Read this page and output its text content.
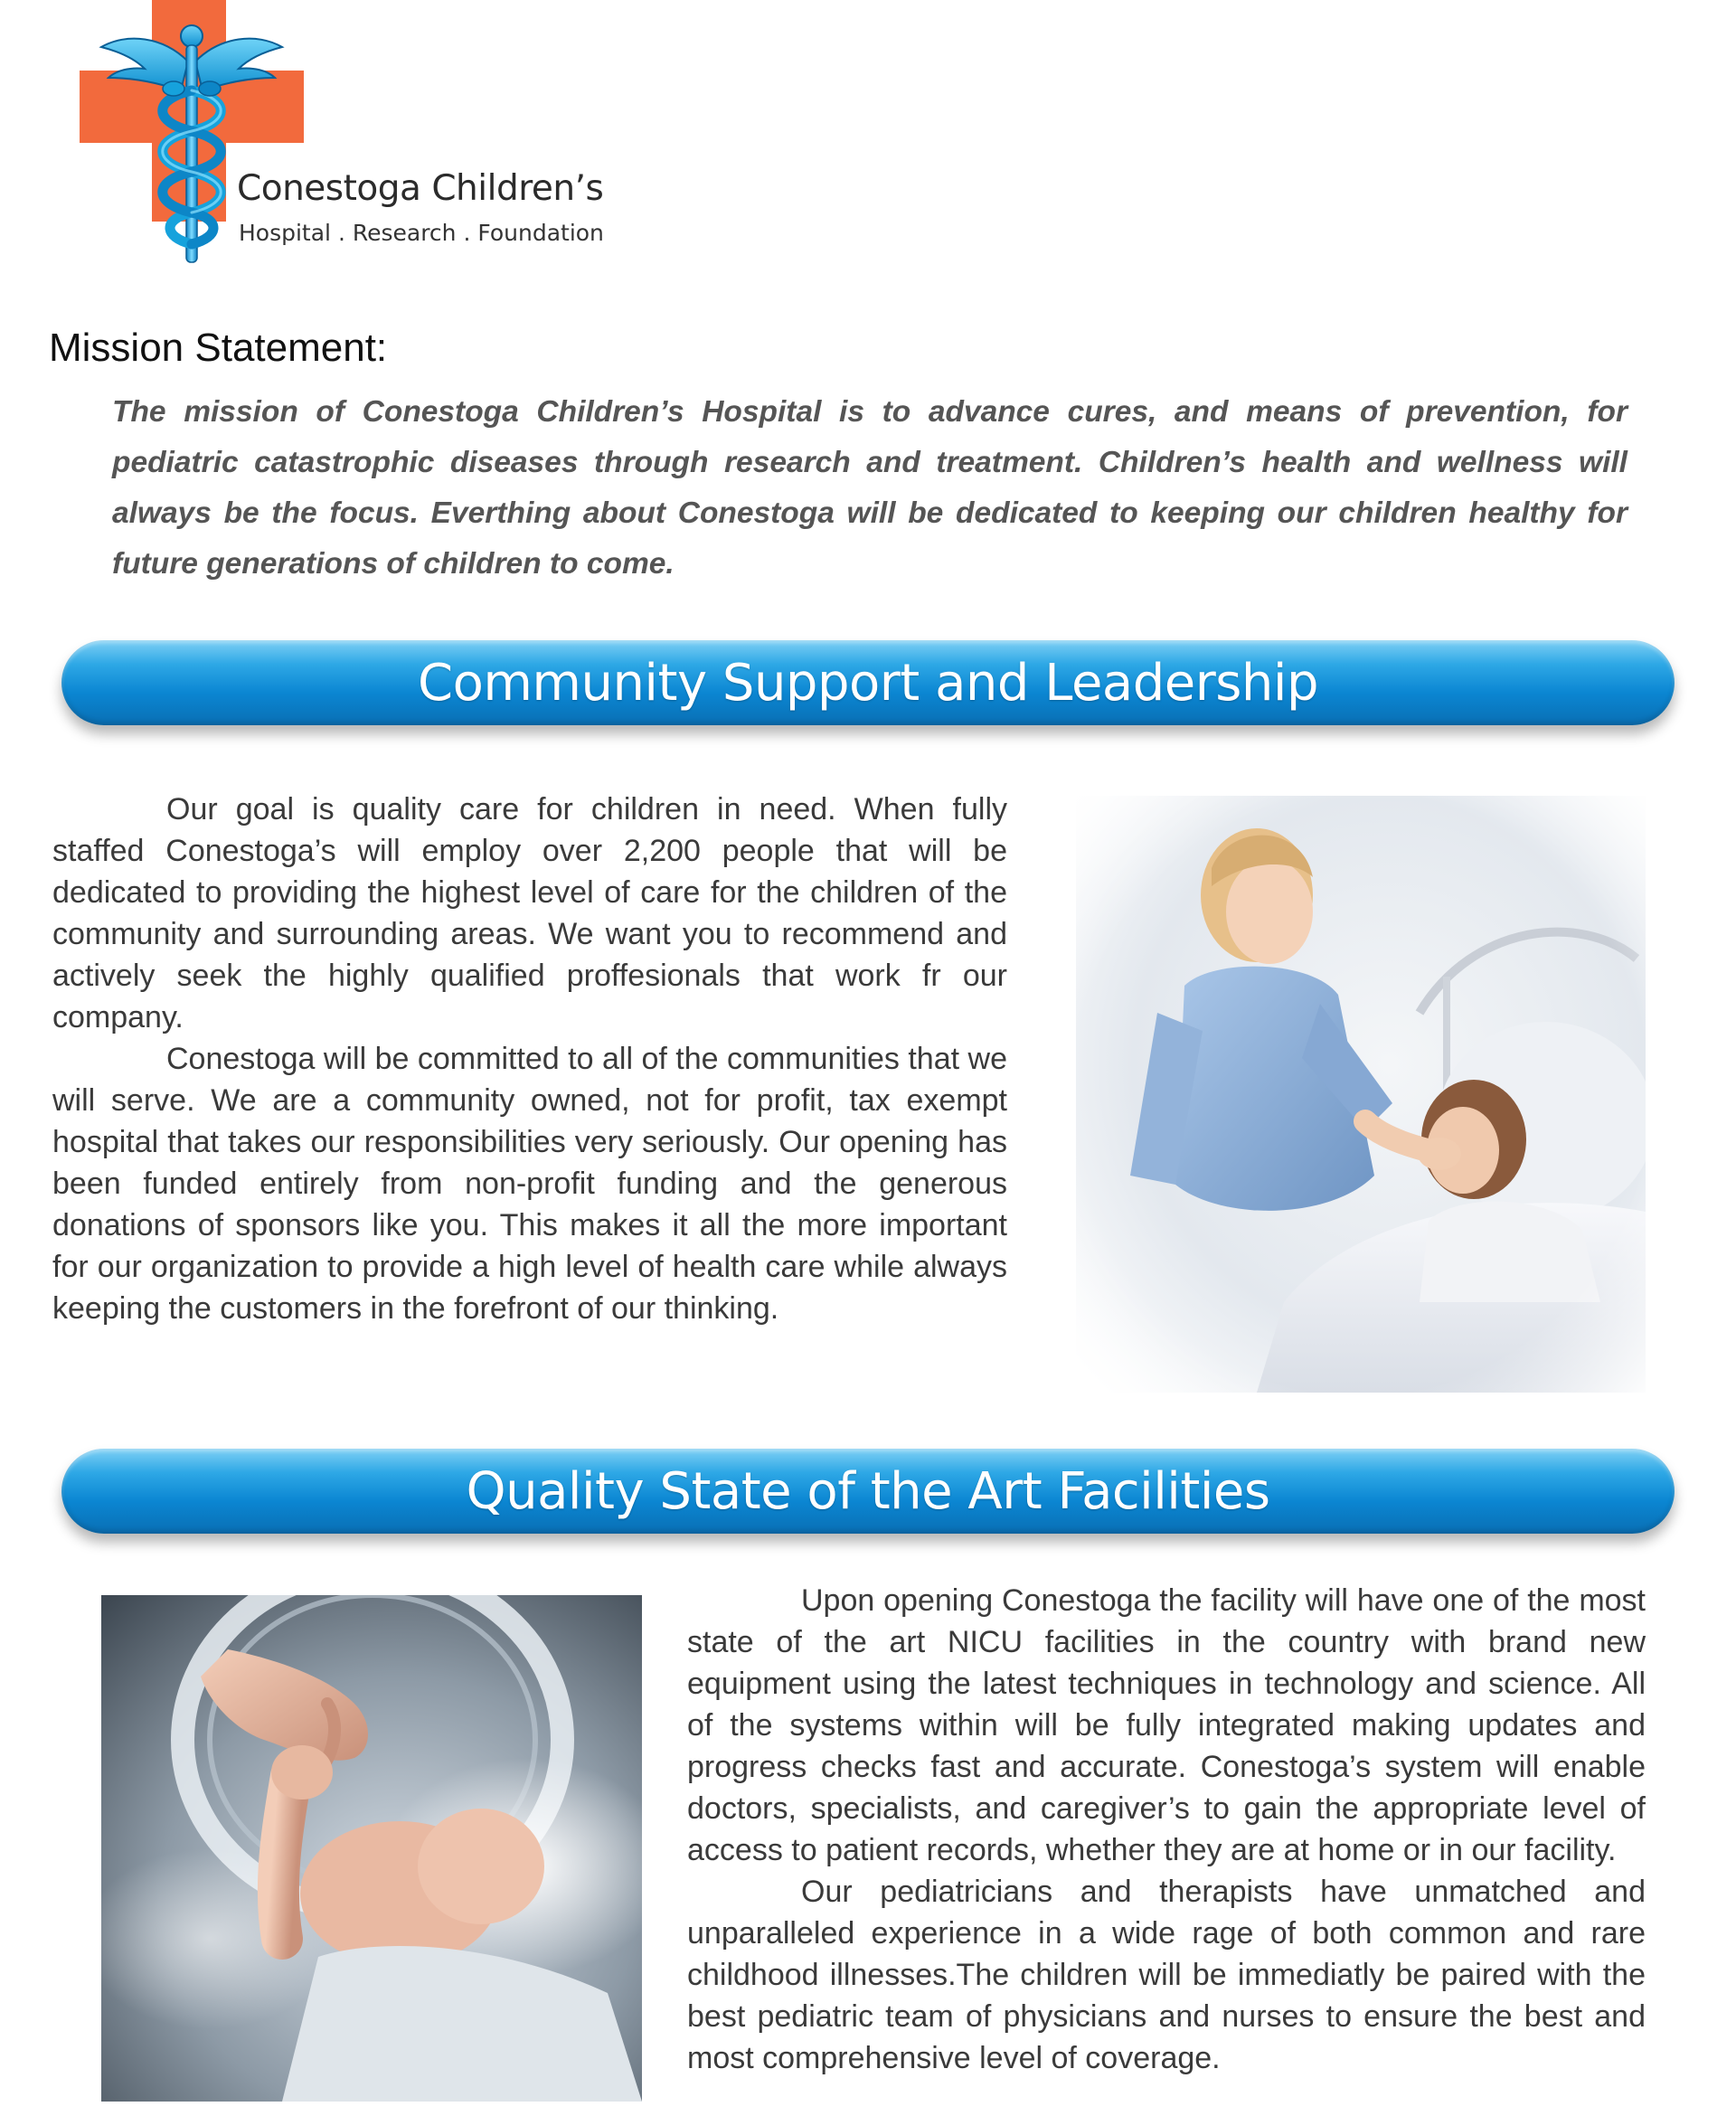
Conestoga Children’s
Hospital . Research . Foundation
Mission Statement:
The mission of Conestoga Children’s Hospital is to advance cures, and means of prevention, for pediatric catastrophic diseases through research and treatment. Children’s health and wellness will always be the focus. Everthing about Conestoga will be dedicated to keeping our children healthy for future generations of children to come.
Community Support and Leadership

Our goal is quality care for children in need. When fully staffed Conestoga’s will employ over 2,200 people that will be dedicated to providing the highest level of care for the children of the community and surrounding areas. We want you to recommend and actively seek the highly qualified proffesionals that work fr our company.

Conestoga will be committed to all of the communities that we will serve. We are a community owned, not for profit, tax exempt hospital that takes our responsibilities very seriously. Our opening has been funded entirely from non-profit funding and the generous donations of sponsors like you. This makes it all the more important for our organization to provide a high level of health care while always keeping the customers in the forefront of our thinking.

Quality State of the Art Facilities

Upon opening Conestoga the facility will have one of the most state of the art NICU facilities in the country with brand new equipment using the latest techniques in technology and science. All of the systems within will be fully integrated making updates and progress checks fast and accurate. Conestoga’s system will enable doctors, specialists, and caregiver’s to gain the appropriate level of access to patient records, whether they are at home or in our facility.

Our pediatricians and therapists have unmatched and unparalleled experience in a wide rage of both common and rare childhood illnesses.The children will be immediatly be paired with the best pediatric team of physicians and nurses to ensure the best and most comprehensive level of coverage.
